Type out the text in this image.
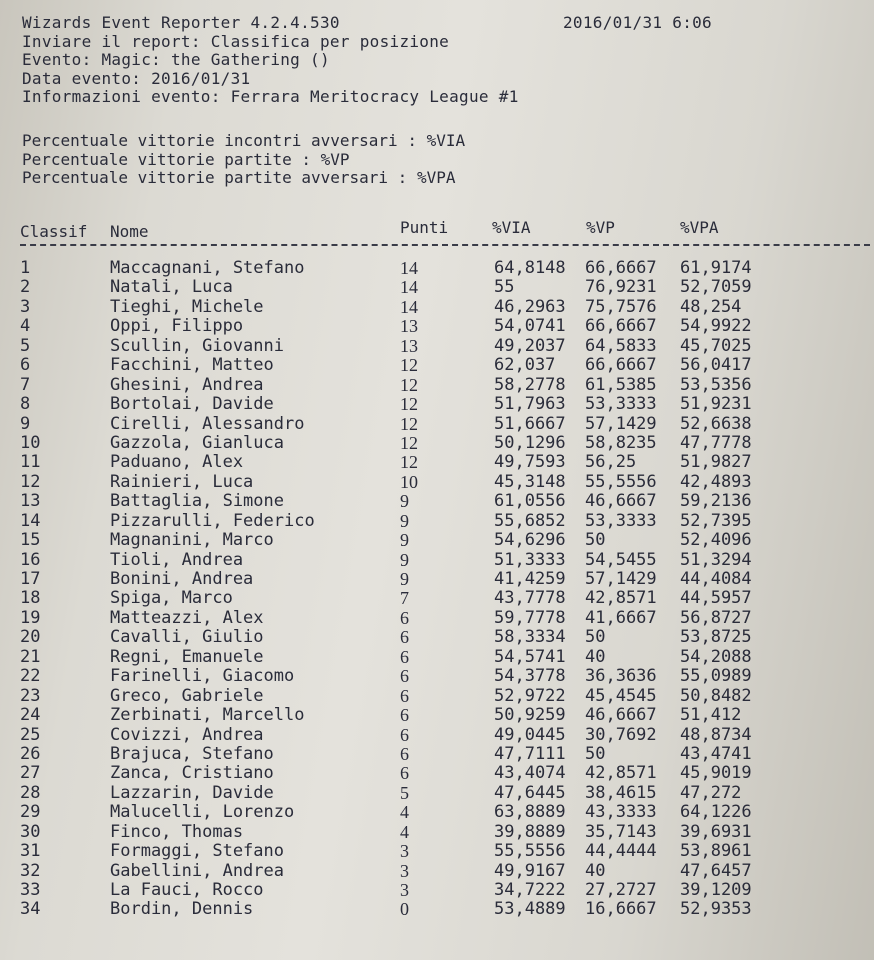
Wizards Event Reporter 4.2.4.530	2016/01/31 6:06
Inviare il report: Classifica per posizione
Evento: Magic: the Gathering ()
Data evento: 2016/01/31
Informazioni evento: Ferrara Meritocracy League #1
Percentuale vittorie incontri avversari : %VIA
Percentuale vittorie partite : %VP
Percentuale vittorie partite avversari : %VPA
Classif Nome	Punti	%VIA	%VP	%VPA
1	Maccagnani, Stefano	14	64,8148 66,6667 61,9174
2	Natali, Luca	14	55	76,9231 52,7059
3	Tieghi, Michele	14	46,2963 75,7576 48,254
4	Oppi, Filippo	13	54,0741 66,6667 54,9922
5	Scullin, Giovanni	13	49,2037 64,5833 45,7025
6	Facchini, Matteo	12	62,037 66,6667 56,0417
7	Ghesini, Andrea	12	58,2778 61,5385 53,5356
8	Bortolai, Davide	12	51,7963 53,3333 51,9231
9	Cirelli, Alessandro	12	51,6667 57,1429 52,6638
10	Gazzola, Gianluca	12	50,1296 58,8235 47,7778
11	Paduano, Alex	12	49,7593 56,25	51,9827
12	Rainieri, Luca	10	45,3148 55,5556 42,4893
13	Battaglia, Simone	9	61,0556 46,6667 59,2136
14	Pizzarulli, Federico	9	55,6852 53,3333 52,7395
15	Magnanini, Marco	9	54,6296 50	52,4096
16	Tioli, Andrea	9	51,3333 54,5455 51,3294
17	Bonini, Andrea	9	41,4259 57,1429 44,4084
18	Spiga, Marco	7	43,7778 42,8571 44,5957
19	Matteazzi, Alex	6	59,7778 41,6667 56,8727
20	Cavalli, Giulio	6	58,3334 50	53,8725
21	Regni, Emanuele	6	54,5741 40	54,2088
22	Farinelli, Giacomo	6	54,3778 36,3636 55,0989
23	Greco, Gabriele	6	52,9722 45,4545 50,8482
24	Zerbinati, Marcello	6	50,9259 46,6667 51,412
25	Covizzi, Andrea	6	49,0445 30,7692 48,8734
26	Brajuca, Stefano	6	47,7111 50	43,4741
27	Zanca, Cristiano	6	43,4074 42,8571 45,9019
28	Lazzarin, Davide	5	47,6445 38,4615 47,272
29	Malucelli, Lorenzo	4	63,8889 43,3333 64,1226
30	Finco, Thomas	4	39,8889 35,7143 39,6931
31	Formaggi, Stefano	3	55,5556 44,4444 53,8961
32	Gabellini, Andrea	3	49,9167 40	47,6457
33	La Fauci, Rocco	3	34,7222 27,2727 39,1209
34	Bordin, Dennis	0	53,4889 16,6667 52,9353
